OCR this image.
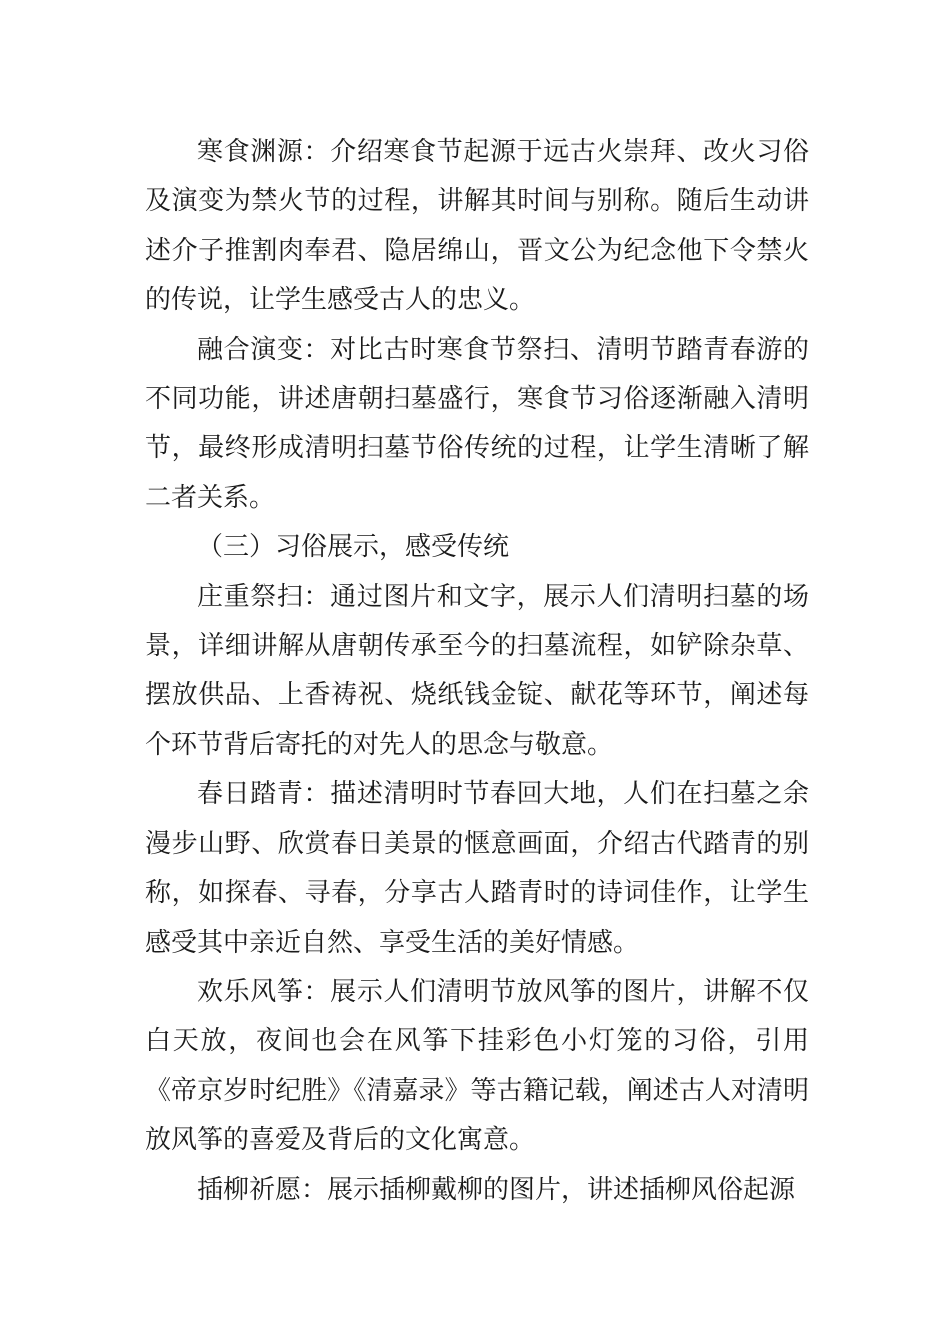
寒食渊源：介绍寒食节起源于远古火崇拜、改火习俗及演变为禁火节的过程，讲解其时间与别称。随后生动讲述介子推割肉奉君、隐居绵山，晋文公为纪念他下令禁火的传说，让学生感受古人的忠义。

融合演变：对比古时寒食节祭扫、清明节踏青春游的不同功能，讲述唐朝扫墓盛行，寒食节习俗逐渐融入清明节，最终形成清明扫墓节俗传统的过程，让学生清晰了解二者关系。

（三）习俗展示，感受传统

庄重祭扫：通过图片和文字，展示人们清明扫墓的场景，详细讲解从唐朝传承至今的扫墓流程，如铲除杂草、摆放供品、上香祷祝、烧纸钱金锭、献花等环节，阐述每个环节背后寄托的对先人的思念与敬意。

春日踏青：描述清明时节春回大地，人们在扫墓之余漫步山野、欣赏春日美景的惬意画面，介绍古代踏青的别称，如探春、寻春，分享古人踏青时的诗词佳作，让学生感受其中亲近自然、享受生活的美好情感。

欢乐风筝：展示人们清明节放风筝的图片，讲解不仅白天放，夜间也会在风筝下挂彩色小灯笼的习俗，引用《帝京岁时纪胜》《清嘉录》等古籍记载，阐述古人对清明放风筝的喜爱及背后的文化寓意。

插柳祈愿：展示插柳戴柳的图片，讲述插柳风俗起源
